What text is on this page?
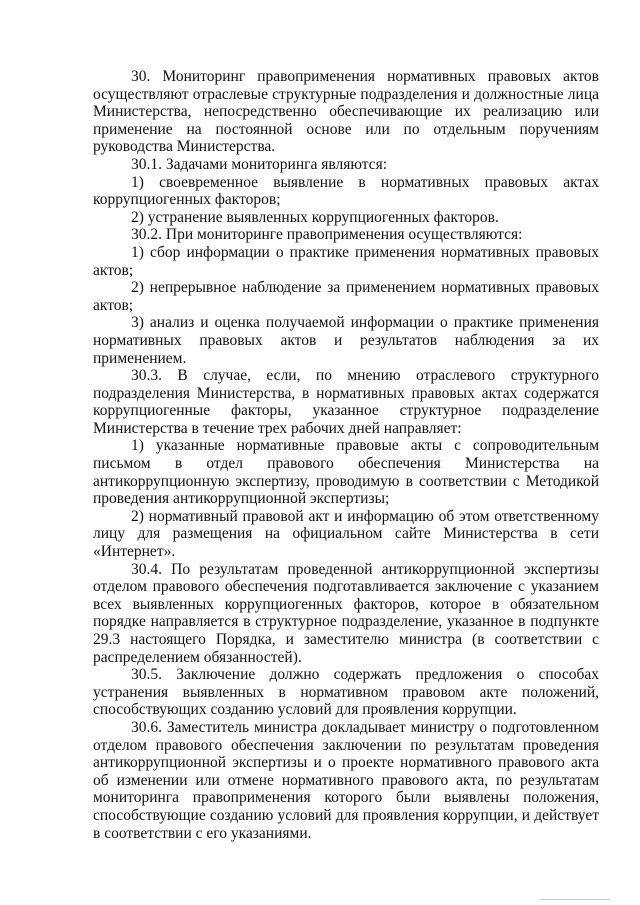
30. Мониторинг правоприменения нормативных правовых актов осуществляют отраслевые структурные подразделения и должностные лица Министерства, непосредственно обеспечивающие их реализацию или применение на постоянной основе или по отдельным поручениям руководства Министерства.

30.1. Задачами мониторинга являются:

1) своевременное выявление в нормативных правовых актах коррупциогенных факторов;

2) устранение выявленных коррупциогенных факторов.

30.2. При мониторинге правоприменения осуществляются:

1) сбор информации о практике применения нормативных правовых актов;

2) непрерывное наблюдение за применением нормативных правовых актов;

3) анализ и оценка получаемой информации о практике применения нормативных правовых актов и результатов наблюдения за их применением.

30.3. В случае, если, по мнению отраслевого структурного подразделения Министерства, в нормативных правовых актах содержатся коррупциогенные факторы, указанное структурное подразделение Министерства в течение трех рабочих дней направляет:

1) указанные нормативные правовые акты с сопроводительным письмом в отдел правового обеспечения Министерства на антикоррупционную экспертизу, проводимую в соответствии с Методикой проведения антикоррупционной экспертизы;

2) нормативный правовой акт и информацию об этом ответственному лицу для размещения на официальном сайте Министерства в сети «Интернет».

30.4. По результатам проведенной антикоррупционной экспертизы отделом правового обеспечения подготавливается заключение с указанием всех выявленных коррупциогенных факторов, которое в обязательном порядке направляется в структурное подразделение, указанное в подпункте 29.3 настоящего Порядка, и заместителю министра (в соответствии с распределением обязанностей).

30.5. Заключение должно содержать предложения о способах устранения выявленных в нормативном правовом акте положений, способствующих созданию условий для проявления коррупции.

30.6. Заместитель министра докладывает министру о подготовленном отделом правового обеспечения заключении по результатам проведения антикоррупционной экспертизы и о проекте нормативного правового акта об изменении или отмене нормативного правового акта, по результатам мониторинга правоприменения которого были выявлены положения, способствующие созданию условий для проявления коррупции, и действует в соответствии с его указаниями.
